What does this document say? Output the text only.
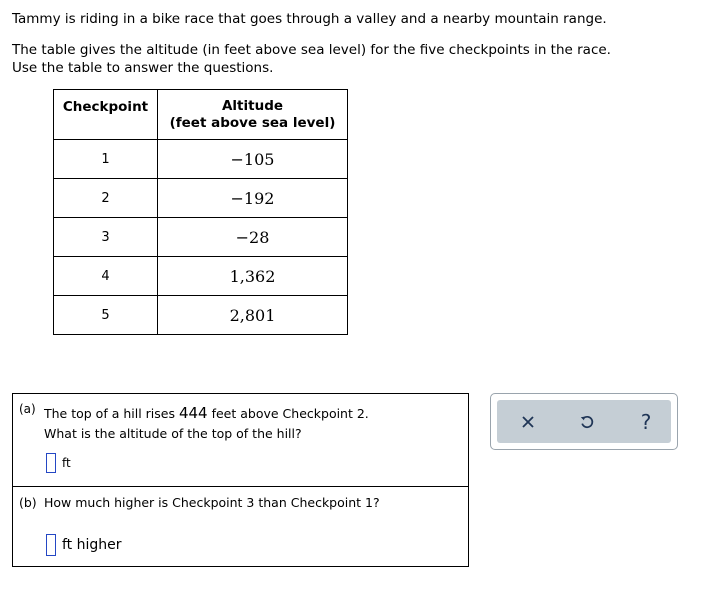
Tammy is riding in a bike race that goes through a valley and a nearby mountain range.
The table gives the altitude (in feet above sea level) for the five checkpoints in the race.
Use the table to answer the questions.
Checkpoint	Altitude
(feet above sea level)

1	−105
2	−192
3	−28
4	1,362
5	2,801
(a) The top of a hill rises 444 feet above Checkpoint 2.
What is the altitude of the top of the hill?
ft
(b) How much higher is Checkpoint 3 than Checkpoint 1?
ft higher
?
